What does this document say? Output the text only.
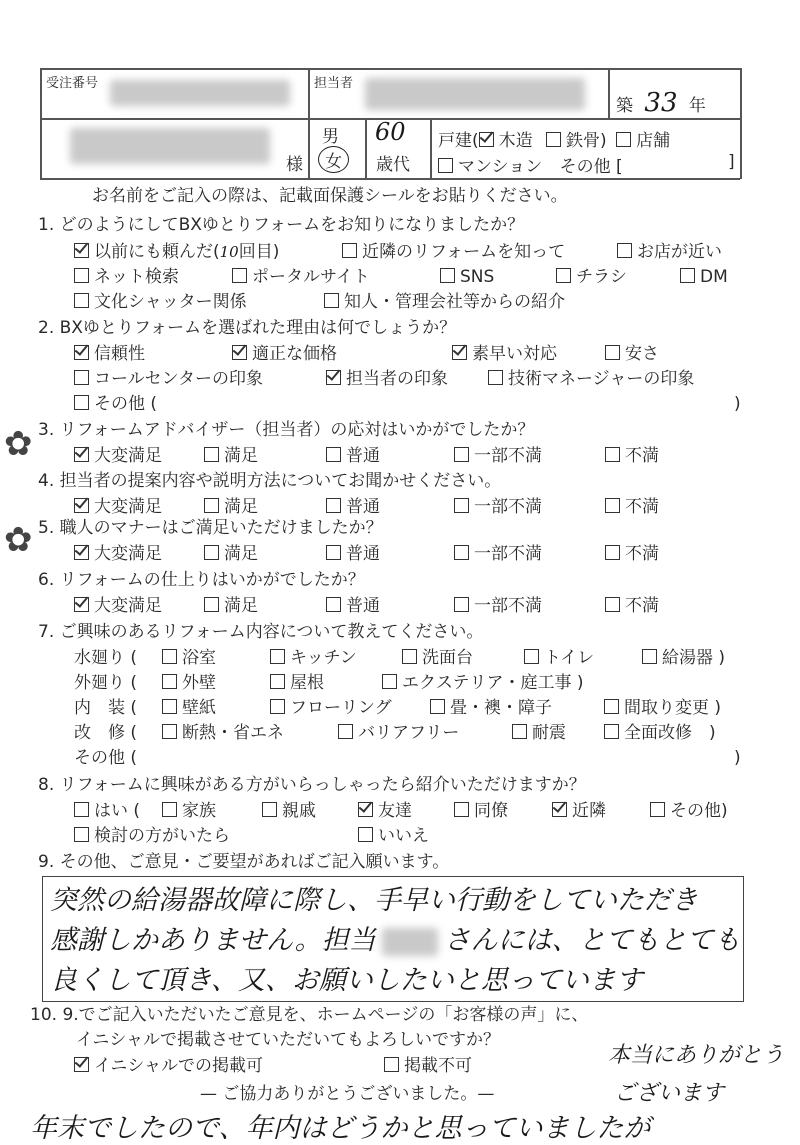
受注番号	担当者
築 33 年
様
男
女
60
歳代
戸建( 木造 鉄骨) 店舗
マンション その他 [	]
お名前をご記入の際は、記載面保護シールをお貼りください。
1. どのようにしてBXゆとりフォームをお知りになりましたか？
以前にも頼んだ(10回目)	近隣のリフォームを知って	お店が近い
ネット検索	ポータルサイト	SNS	チラシ	DM
文化シャッター関係	知人・管理会社等からの紹介
2. BXゆとりフォームを選ばれた理由は何でしょうか？
信頼性	適正な価格	素早い対応	安さ
コールセンターの印象	担当者の印象	技術マネージャーの印象
その他 (	)
✿ 3. リフォームアドバイザー（担当者）の応対はいかがでしたか？
大変満足	満足	普通	一部不満	不満
4. 担当者の提案内容や説明方法についてお聞かせください。
大変満足	満足	普通	一部不満	不満
✿ 5. 職人のマナーはご満足いただけましたか？
大変満足	満足	普通	一部不満	不満
6. リフォームの仕上りはいかがでしたか？
大変満足	満足	普通	一部不満	不満
7. ご興味のあるリフォーム内容について教えてください。
水廻り (	浴室	キッチン	洗面台	トイレ	給湯器 )
外廻り (	外壁	屋根	エクステリア・庭工事 )
内　装 (	壁紙	フローリング	畳・襖・障子	間取り変更 )
改　修 (	断熱・省エネ	バリアフリー	耐震	全面改修　)
その他 (	)
8. リフォームに興味がある方がいらっしゃったら紹介いただけますか？
はい (	家族	親戚	友達	同僚	近隣	その他)
検討の方がいたら	いいえ
9. その他、ご意見・ご要望があればご記入願います。
突然の給湯器故障に際し、手早い行動をしていただき
感謝しかありません。担当	さんには、とてもとても
良くして頂き、又、お願いしたいと思っています
10. 9.でご記入いただいたご意見を、ホームページの「お客様の声」に、
イニシャルで掲載させていただいてもよろしいですか？
イニシャルでの掲載可	掲載不可
— ご協力ありがとうございました。—
本当にありがとう
ございます
年末でしたので、年内はどうかと思っていましたが
